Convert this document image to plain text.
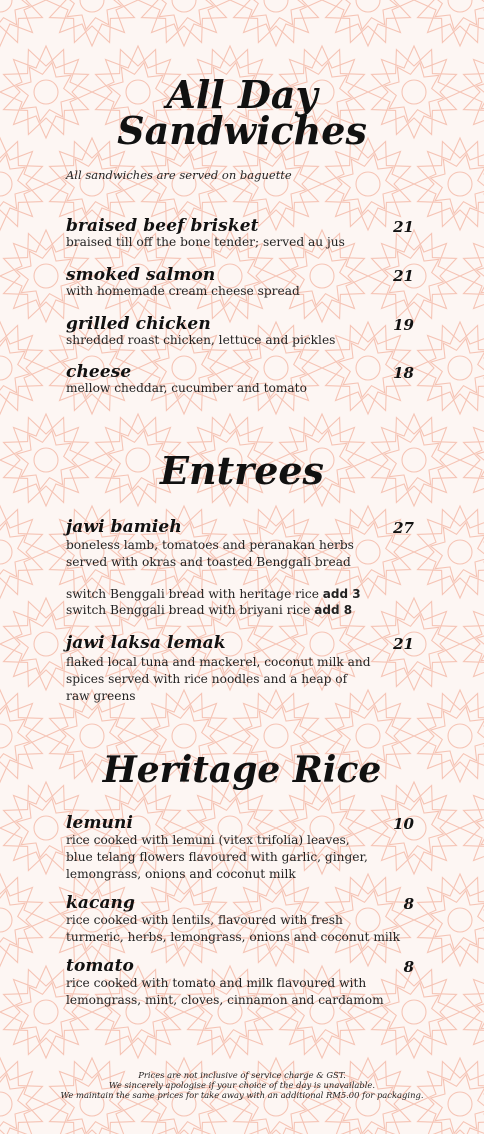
All Day
Sandwiches
All sandwiches are served on baguette
braised beef brisket	21
braised till off the bone tender; served au jus
smoked salmon	21
with homemade cream cheese spread
grilled chicken	19
shredded roast chicken, lettuce and pickles
cheese	18
mellow cheddar, cucumber and tomato
Entrees
jawi bamieh	27
boneless lamb, tomatoes and peranakan herbs
served with okras and toasted Benggali bread
switch Benggali bread with heritage rice add 3
switch Benggali bread with briyani rice add 8
jawi laksa lemak	21
flaked local tuna and mackerel, coconut milk and
spices served with rice noodles and a heap of
raw greens
Heritage Rice
lemuni	10
rice cooked with lemuni (vitex trifolia) leaves,
blue telang flowers flavoured with garlic, ginger,
lemongrass, onions and coconut milk
kacang	8
rice cooked with lentils, flavoured with fresh
turmeric, herbs, lemongrass, onions and coconut milk
tomato	8
rice cooked with tomato and milk flavoured with
lemongrass, mint, cloves, cinnamon and cardamom
Prices are not inclusive of service charge & GST.
We sincerely apologise if your choice of the day is unavailable.
We maintain the same prices for take away with an additional RM5.00 for packaging.
